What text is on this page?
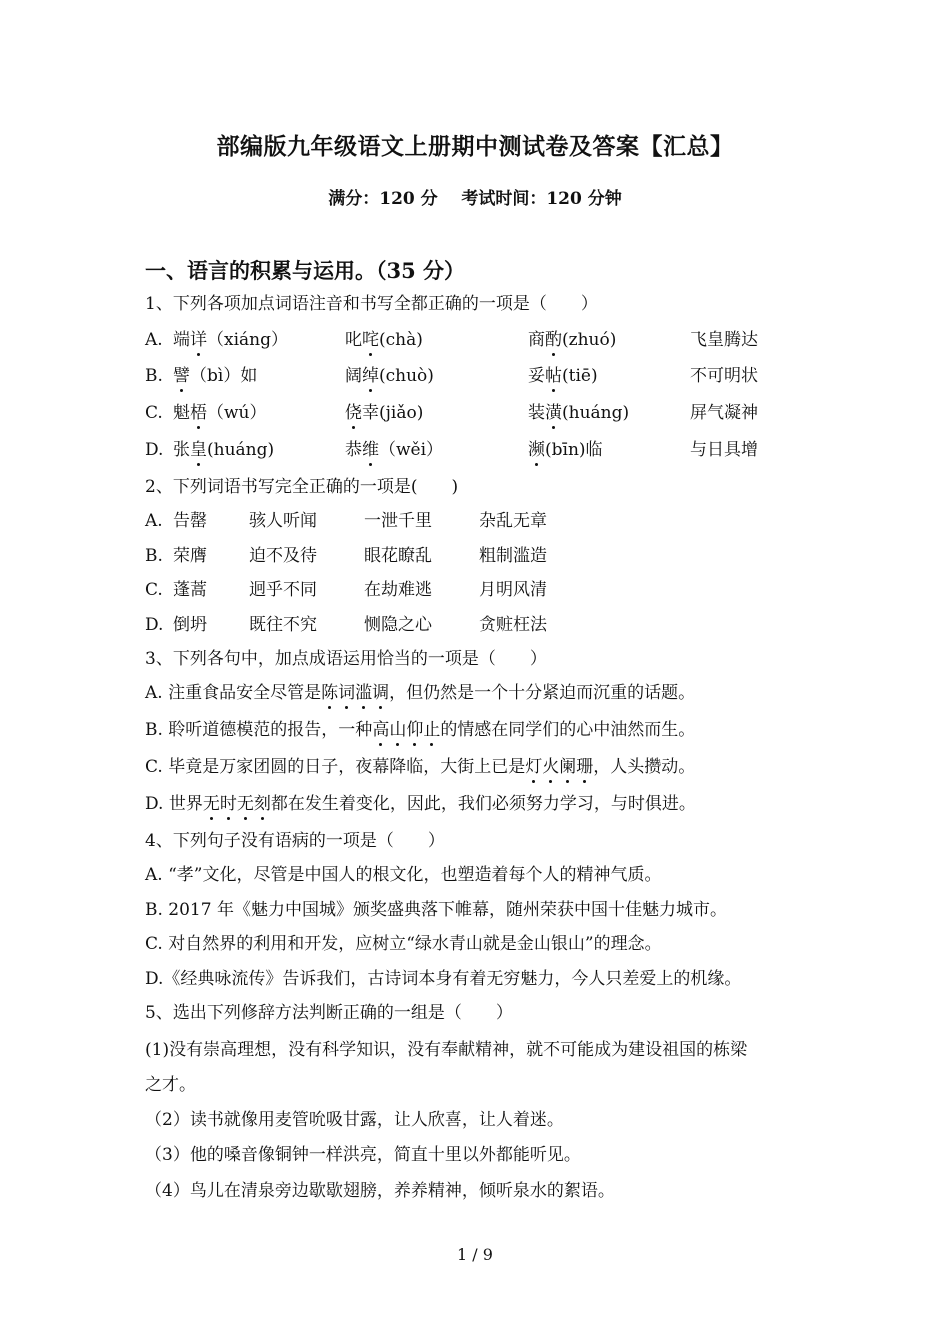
部编版九年级语文上册期中测试卷及答案【汇总】
满分：120 分    考试时间：120 分钟
一、语言的积累与运用。（35 分）
1、下列各项加点词语注音和书写全都正确的一项是（　　）
A. 端详（xiáng）	叱咤(chà)	商酌(zhuó)	飞皇腾达
B. 譬（bì）如	阔绰(chuò)	妥帖(tiē)	不可明状
C. 魁梧（wú）	侥幸(jiǎo)	装潢(huáng)	屏气凝神
D. 张皇(huáng)	恭维（wěi）	濒(bīn)临	与日具增
2、下列词语书写完全正确的一项是(　　)
A. 告罄 骇人听闻	一泄千里	杂乱无章
B. 荣膺 迫不及待	眼花瞭乱	粗制滥造
C. 蓬蒿 迥乎不同	在劫难逃	月明风清
D. 倒坍 既往不究	恻隐之心	贪赃枉法
3、下列各句中，加点成语运用恰当的一项是（　　）
A. 注重食品安全尽管是陈词滥调，但仍然是一个十分紧迫而沉重的话题。
B. 聆听道德模范的报告，一种高山仰止的情感在同学们的心中油然而生。
C. 毕竟是万家团圆的日子，夜幕降临，大街上已是灯火阑珊，人头攒动。
D. 世界无时无刻都在发生着变化，因此，我们必须努力学习，与时俱进。
4、下列句子没有语病的一项是（　　）
A. “孝”文化，尽管是中国人的根文化，也塑造着每个人的精神气质。
B. 2017 年《魅力中国城》颁奖盛典落下帷幕，随州荣获中国十佳魅力城市。
C. 对自然界的利用和开发，应树立“绿水青山就是金山银山”的理念。
D.《经典咏流传》告诉我们，古诗词本身有着无穷魅力，今人只差爱上的机缘。
5、选出下列修辞方法判断正确的一组是（　　）
(1)没有崇高理想，没有科学知识，没有奉献精神，就不可能成为建设祖国的栋梁
之才。
（2）读书就像用麦管吮吸甘露，让人欣喜，让人着迷。
（3）他的嗓音像铜钟一样洪亮，简直十里以外都能听见。
（4）鸟儿在清泉旁边歇歇翅膀，养养精神，倾听泉水的絮语。
1 / 9
